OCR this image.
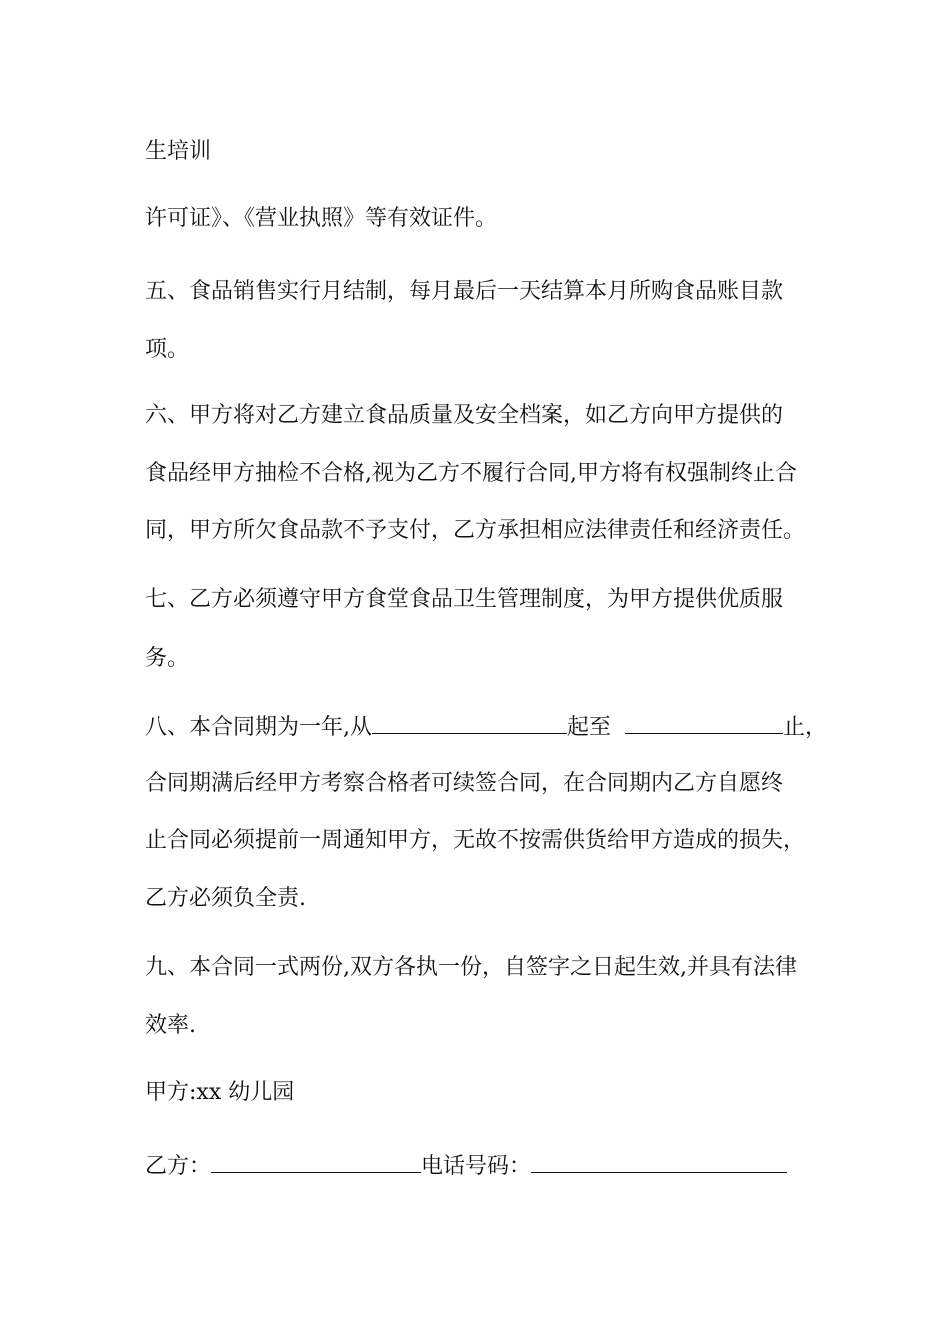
生培训
许可证》、《营业执照》等有效证件。
五、食品销售实行月结制，每月最后一天结算本月所购食品账目款
项。
六、甲方将对乙方建立食品质量及安全档案，如乙方向甲方提供的
食品经甲方抽检不合格,视为乙方不履行合同,甲方将有权强制终止合
同，甲方所欠食品款不予支付，乙方承担相应法律责任和经济责任。
七、乙方必须遵守甲方食堂食品卫生管理制度，为甲方提供优质服
务。
八、本合同期为一年,从	起至	止，
合同期满后经甲方考察合格者可续签合同，在合同期内乙方自愿终
止合同必须提前一周通知甲方，无故不按需供货给甲方造成的损失，
乙方必须负全责.
九、本合同一式两份,双方各执一份，自签字之日起生效,并具有法律
效率.
甲方:xx 幼儿园
乙方：	电话号码：
